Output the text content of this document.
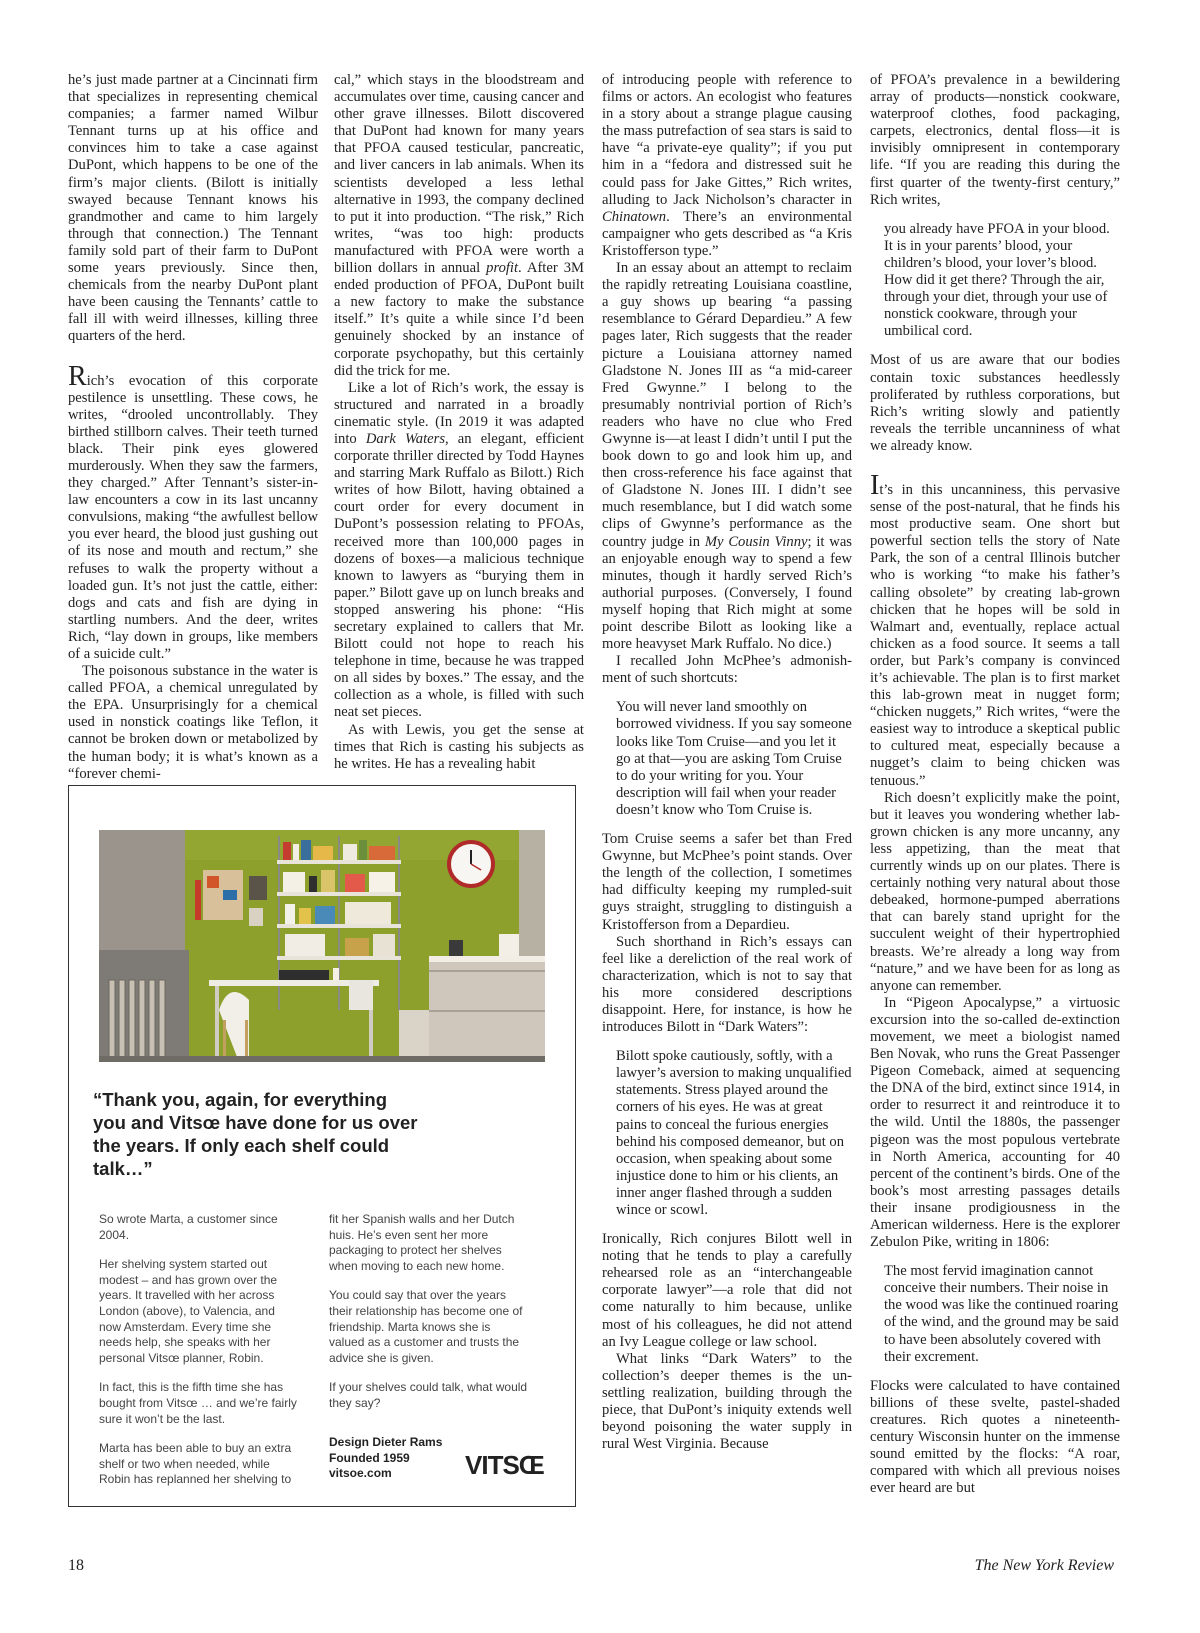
he’s just made partner at a Cincinnati firm that specializes in representing chemical companies; a farmer named Wilbur Tennant turns up at his office and convinces him to take a case against DuPont, which happens to be one of the firm’s major clients. (Bilott is initially swayed because Tennant knows his grandmother and came to him largely through that connection.) The Tennant family sold part of their farm to DuPont some years previously. Since then, chemicals from the nearby DuPont plant have been causing the Tennants’ cattle to fall ill with weird illnesses, killing three quarters of the herd.

Rich’s evocation of this corporate pestilence is unsettling. These cows, he writes, “drooled uncontrollably. They birthed stillborn calves. Their teeth turned black. Their pink eyes glowered murderously. When they saw the farmers, they charged.” After Tennant’s sister-in-law encounters a cow in its last uncanny convulsions, making “the awfullest bellow you ever heard, the blood just gushing out of its nose and mouth and rectum,” she refuses to walk the property without a loaded gun. It’s not just the cattle, either: dogs and cats and fish are dying in startling numbers. And the deer, writes Rich, “lay down in groups, like members of a suicide cult.”

The poisonous substance in the water is called PFOA, a chemical unregulated by the EPA. Unsurprisingly for a chemical used in nonstick coatings like Teflon, it cannot be broken down or metabolized by the human body; it is what’s known as a “forever chemi-

cal,” which stays in the bloodstream and accumulates over time, causing cancer and other grave illnesses. Bilott discovered that DuPont had known for many years that PFOA caused testicular, pancreatic, and liver cancers in lab animals. When its scientists developed a less lethal alternative in 1993, the company declined to put it into production. “The risk,” Rich writes, “was too high: products manufactured with PFOA were worth a billion dollars in annual profit. After 3M ended production of PFOA, DuPont built a new factory to make the substance itself.” It’s quite a while since I’d been genuinely shocked by an instance of corporate psychopathy, but this certainly did the trick for me.

Like a lot of Rich’s work, the essay is structured and narrated in a broadly cinematic style. (In 2019 it was adapted into Dark Waters, an elegant, efficient corporate thriller directed by Todd Haynes and starring Mark Ruffalo as Bilott.) Rich writes of how Bilott, having obtained a court order for every document in DuPont’s possession relating to PFOAs, received more than 100,000 pages in dozens of boxes—a malicious technique known to lawyers as “burying them in paper.” Bilott gave up on lunch breaks and stopped answering his phone: “His secretary explained to callers that Mr. Bilott could not hope to reach his telephone in time, because he was trapped on all sides by boxes.” The essay, and the collection as a whole, is filled with such neat set pieces.

As with Lewis, you get the sense at times that Rich is casting his subjects as he writes. He has a revealing habit

of introducing people with reference to films or actors. An ecologist who features in a story about a strange plague causing the mass putrefaction of sea stars is said to have “a private-eye quality”; if you put him in a “fedora and distressed suit he could pass for Jake Gittes,” Rich writes, alluding to Jack Nicholson’s character in Chinatown. There’s an environmental campaigner who gets described as “a Kris Kristofferson type.”

In an essay about an attempt to reclaim the rapidly retreating Louisiana coastline, a guy shows up bearing “a passing resemblance to Gérard Depardieu.” A few pages later, Rich suggests that the reader picture a Louisiana attorney named Gladstone N. Jones III as “a mid-career Fred Gwynne.” I belong to the presumably nontrivial portion of Rich’s readers who have no clue who Fred Gwynne is—at least I didn’t until I put the book down to go and look him up, and then cross-reference his face against that of Gladstone N. Jones III. I didn’t see much resemblance, but I did watch some clips of Gwynne’s performance as the country judge in My Cousin Vinny; it was an enjoyable enough way to spend a few minutes, though it hardly served Rich’s authorial purposes. (Conversely, I found myself hoping that Rich might at some point describe Bilott as looking like a more heavyset Mark Ruffalo. No dice.)

I recalled John McPhee’s admonishment of such shortcuts:

You will never land smoothly on borrowed vividness. If you say someone looks like Tom Cruise—and you let it go at that—you are asking Tom Cruise to do your writing for you. Your description will fail when your reader doesn’t know who Tom Cruise is.

Tom Cruise seems a safer bet than Fred Gwynne, but McPhee’s point stands. Over the length of the collection, I sometimes had difficulty keeping my rumpled-suit guys straight, struggling to distinguish a Kristofferson from a Depardieu.

Such shorthand in Rich’s essays can feel like a dereliction of the real work of characterization, which is not to say that his more considered descriptions disappoint. Here, for instance, is how he introduces Bilott in “Dark Waters”:

Bilott spoke cautiously, softly, with a lawyer’s aversion to making unqualified statements. Stress played around the corners of his eyes. He was at great pains to conceal the furious energies behind his composed demeanor, but on occasion, when speaking about some injustice done to him or his clients, an inner anger flashed through a sudden wince or scowl.

Ironically, Rich conjures Bilott well in noting that he tends to play a carefully rehearsed role as an “interchangeable corporate lawyer”—a role that did not come naturally to him because, unlike most of his colleagues, he did not attend an Ivy League college or law school.

What links “Dark Waters” to the collection’s deeper themes is the unsettling realization, building through the piece, that DuPont’s iniquity extends well beyond poisoning the water supply in rural West Virginia. Because

of PFOA’s prevalence in a bewildering array of products—nonstick cookware, waterproof clothes, food packaging, carpets, electronics, dental floss—it is invisibly omnipresent in contemporary life. “If you are reading this during the first quarter of the twenty-first century,” Rich writes,

you already have PFOA in your blood. It is in your parents’ blood, your children’s blood, your lover’s blood. How did it get there? Through the air, through your diet, through your use of nonstick cookware, through your umbilical cord.

Most of us are aware that our bodies contain toxic substances heedlessly proliferated by ruthless corporations, but Rich’s writing slowly and patiently reveals the terrible uncanniness of what we already know.

It’s in this uncanniness, this pervasive sense of the post-natural, that he finds his most productive seam. One short but powerful section tells the story of Nate Park, the son of a central Illinois butcher who is working “to make his father’s calling obsolete” by creating lab-grown chicken that he hopes will be sold in Walmart and, eventually, replace actual chicken as a food source. It seems a tall order, but Park’s company is convinced it’s achievable. The plan is to first market this lab-grown meat in nugget form; “chicken nuggets,” Rich writes, “were the easiest way to introduce a skeptical public to cultured meat, especially because a nugget’s claim to being chicken was tenuous.”

Rich doesn’t explicitly make the point, but it leaves you wondering whether lab-grown chicken is any more uncanny, any less appetizing, than the meat that currently winds up on our plates. There is certainly nothing very natural about those debeaked, hormone-pumped aberrations that can barely stand upright for the succulent weight of their hypertrophied breasts. We’re already a long way from “nature,” and we have been for as long as anyone can remember.

In “Pigeon Apocalypse,” a virtuosic excursion into the so-called de-extinction movement, we meet a biologist named Ben Novak, who runs the Great Passenger Pigeon Comeback, aimed at sequencing the DNA of the bird, extinct since 1914, in order to resurrect it and reintroduce it to the wild. Until the 1880s, the passenger pigeon was the most populous vertebrate in North America, accounting for 40 percent of the continent’s birds. One of the book’s most arresting passages details their insane prodigiousness in the American wilderness. Here is the explorer Zebulon Pike, writing in 1806:

The most fervid imagination cannot conceive their numbers. Their noise in the wood was like the continued roaring of the wind, and the ground may be said to have been absolutely covered with their excrement.

Flocks were calculated to have contained billions of these svelte, pastel-shaded creatures. Rich quotes a nineteenth-century Wisconsin hunter on the immense sound emitted by the flocks: “A roar, compared with which all previous noises ever heard are but

“Thank you, again, for everything you and Vitsœ have done for us over the years. If only each shelf could talk…”

So wrote Marta, a customer since 2004.

Her shelving system started out modest – and has grown over the years. It travelled with her across London (above), to Valencia, and now Amsterdam. Every time she needs help, she speaks with her personal Vitsœ planner, Robin.

In fact, this is the fifth time she has bought from Vitsœ … and we’re fairly sure it won’t be the last.

Marta has been able to buy an extra shelf or two when needed, while Robin has replanned her shelving to

fit her Spanish walls and her Dutch huis. He’s even sent her more packaging to protect her shelves when moving to each new home.

You could say that over the years their relationship has become one of friendship. Marta knows she is valued as a customer and trusts the advice she is given.

If your shelves could talk, what would they say?

Design Dieter Rams
Founded 1959
vitsoe.com	VITSŒ
18	The New York Review
